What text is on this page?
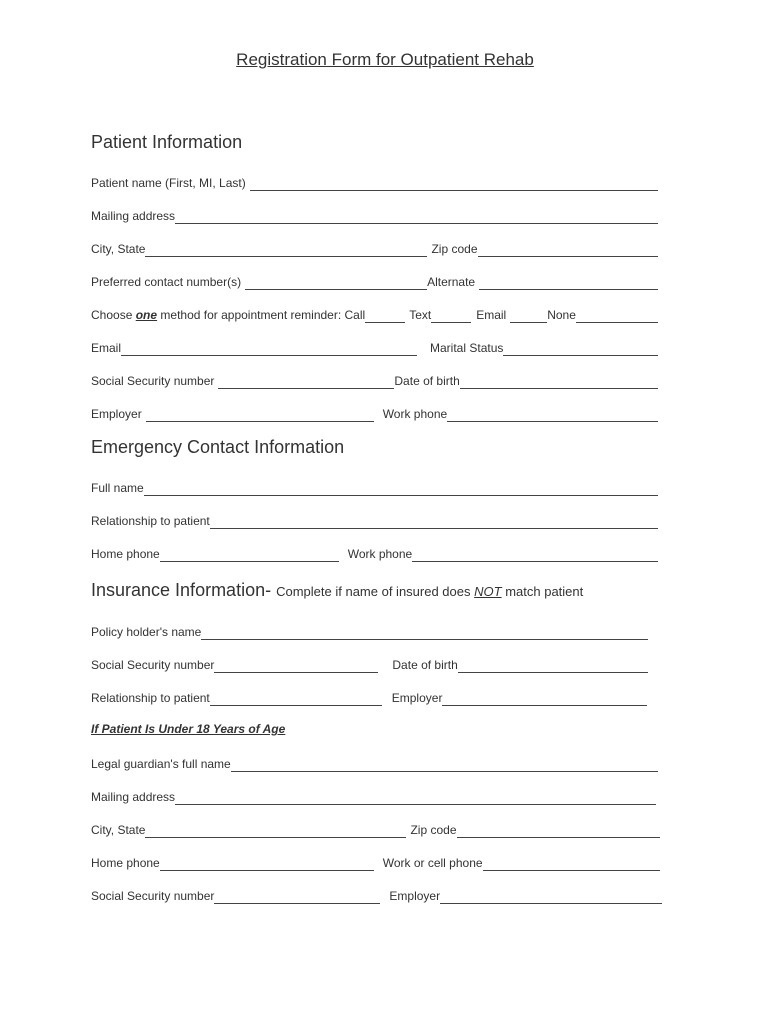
Registration Form for Outpatient Rehab
Patient Information
Patient name (First, MI, Last)
Mailing address
City, State	Zip code
Preferred contact number(s)	Alternate
Choose one method for appointment reminder: Call	Text	Email	None
Email	Marital Status
Social Security number	Date of birth
Employer	Work phone
Emergency Contact Information
Full name
Relationship to patient
Home phone	Work phone
Insurance Information- Complete if name of insured does NOT match patient
Policy holder's name
Social Security number	Date of birth
Relationship to patient	Employer
If Patient Is Under 18 Years of Age
Legal guardian's full name
Mailing address
City, State	Zip code
Home phone	Work or cell phone
Social Security number	Employer
